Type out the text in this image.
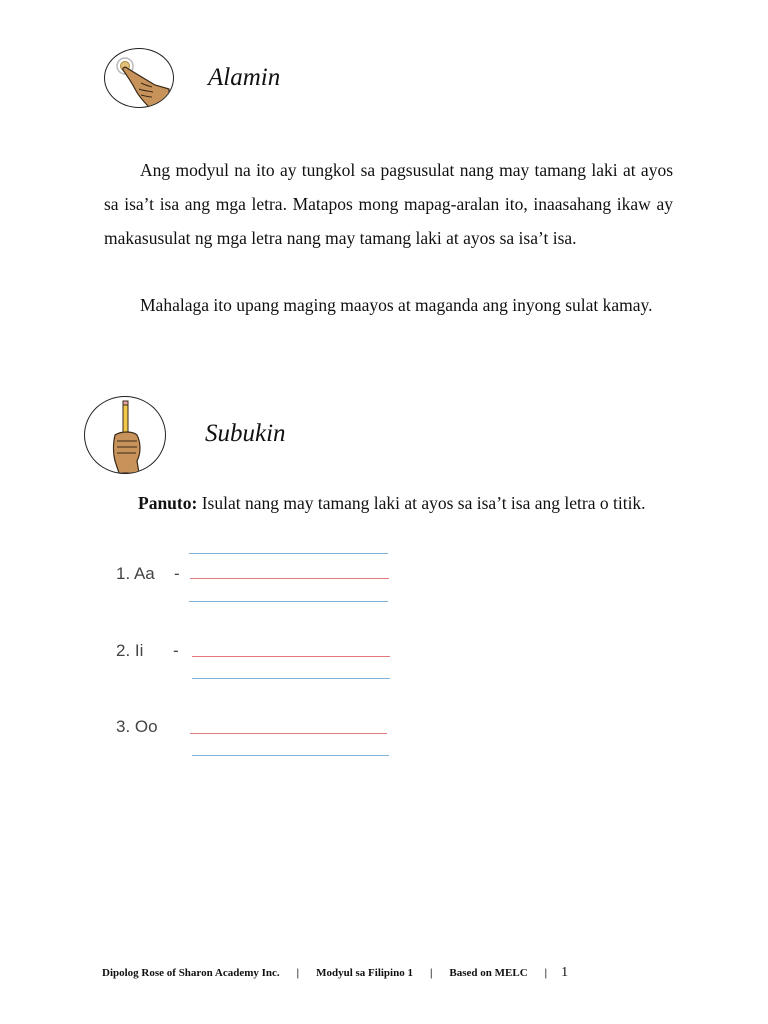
Alamin

Ang modyul na ito ay tungkol sa pagsusulat nang may tamang laki at ayos sa isa’t isa ang mga letra. Matapos mong mapag-aralan ito, inaasahang ikaw ay makasusulat ng mga letra nang may tamang laki at ayos sa isa’t isa.

Mahalaga ito upang maging maayos at maganda ang inyong sulat kamay.

Subukin

Panuto: Isulat nang may tamang laki at ayos sa isa’t isa ang letra o titik.

1. Aa -
2. Ii -
3. Oo
Dipolog Rose of Sharon Academy Inc. | Modyul sa Filipino 1 | Based on MELC | 1
